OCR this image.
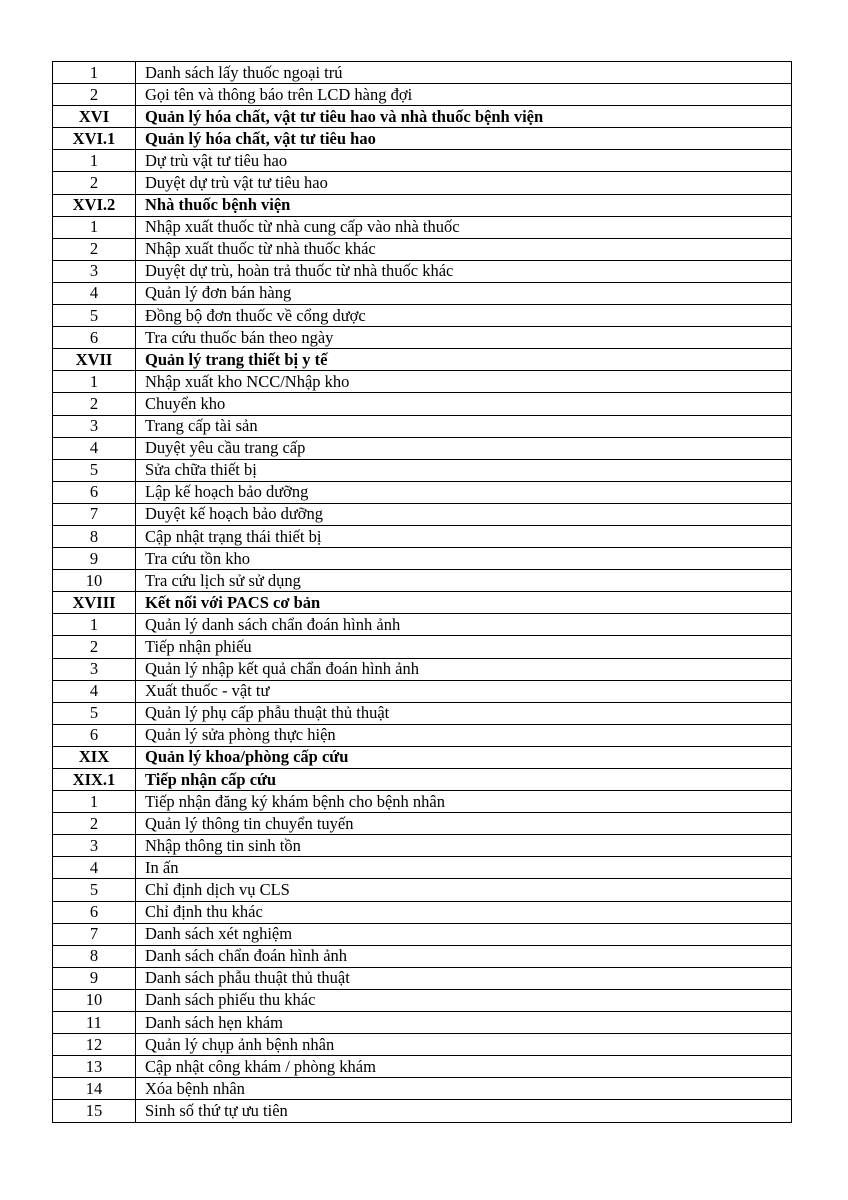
1	Danh sách lấy thuốc ngoại trú
2	Gọi tên và thông báo trên LCD hàng đợi
XVI	Quản lý hóa chất, vật tư tiêu hao và nhà thuốc bệnh viện
XVI.1	Quản lý hóa chất, vật tư tiêu hao
1	Dự trù vật tư tiêu hao
2	Duyệt dự trù vật tư tiêu hao
XVI.2	Nhà thuốc bệnh viện
1	Nhập xuất thuốc từ nhà cung cấp vào nhà thuốc
2	Nhập xuất thuốc từ nhà thuốc khác
3	Duyệt dự trù, hoàn trả thuốc từ nhà thuốc khác
4	Quản lý đơn bán hàng
5	Đồng bộ đơn thuốc về cổng dược
6	Tra cứu thuốc bán theo ngày
XVII	Quản lý trang thiết bị y tế
1	Nhập xuất kho NCC/Nhập kho
2	Chuyển kho
3	Trang cấp tài sản
4	Duyệt yêu cầu trang cấp
5	Sửa chữa thiết bị
6	Lập kế hoạch bảo dưỡng
7	Duyệt kế hoạch bảo dưỡng
8	Cập nhật trạng thái thiết bị
9	Tra cứu tồn kho
10	Tra cứu lịch sử sử dụng
XVIII	Kết nối với PACS cơ bản
1	Quản lý danh sách chẩn đoán hình ảnh
2	Tiếp nhận phiếu
3	Quản lý nhập kết quả chẩn đoán hình ảnh
4	Xuất thuốc - vật tư
5	Quản lý phụ cấp phẫu thuật thủ thuật
6	Quản lý sửa phòng thực hiện
XIX	Quản lý khoa/phòng cấp cứu
XIX.1	Tiếp nhận cấp cứu
1	Tiếp nhận đăng ký khám bệnh cho bệnh nhân
2	Quản lý thông tin chuyển tuyến
3	Nhập thông tin sinh tồn
4	In ấn
5	Chỉ định dịch vụ CLS
6	Chỉ định thu khác
7	Danh sách xét nghiệm
8	Danh sách chẩn đoán hình ảnh
9	Danh sách phẫu thuật thủ thuật
10	Danh sách phiếu thu khác
11	Danh sách hẹn khám
12	Quản lý chụp ảnh bệnh nhân
13	Cập nhật công khám / phòng khám
14	Xóa bệnh nhân
15	Sinh số thứ tự ưu tiên
